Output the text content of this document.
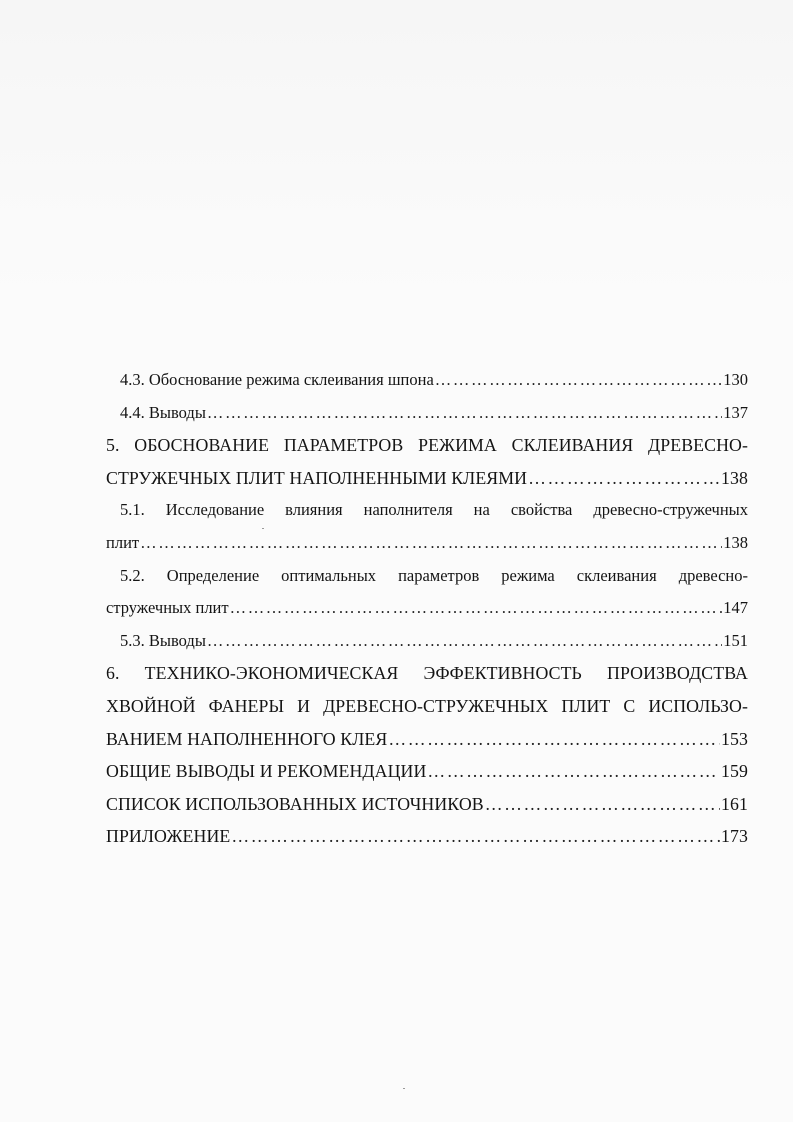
4.3. Обоснование режима склеивания шпона ………………………………………………………………………………………………………………………………………………………………	130
4.4. Выводы ………………………………………………………………………………………………………………………………………………………………	137
5. ОБОСНОВАНИЕ ПАРАМЕТРОВ РЕЖИМА СКЛЕИВАНИЯ ДРЕВЕСНО-
СТРУЖЕЧНЫХ ПЛИТ НАПОЛНЕННЫМИ КЛЕЯМИ ………………………………………………………………………………………………………………………………………………………………	138
5.1. Исследование влияния наполнителя на свойства древесно-стружечных
плит ………………………………………………………………………………………………………………………………………………………………	138
5.2. Определение оптимальных параметров режима склеивания древесно-
стружечных плит ………………………………………………………………………………………………………………………………………………………………	147
5.3. Выводы ………………………………………………………………………………………………………………………………………………………………	151
6. ТЕХНИКО-ЭКОНОМИЧЕСКАЯ ЭФФЕКТИВНОСТЬ ПРОИЗВОДСТВА
ХВОЙНОЙ ФАНЕРЫ И ДРЕВЕСНО-СТРУЖЕЧНЫХ ПЛИТ С ИСПОЛЬЗО-
ВАНИЕМ НАПОЛНЕННОГО КЛЕЯ ………………………………………………………………………………………………………………………………………………………………	153
ОБЩИЕ ВЫВОДЫ И РЕКОМЕНДАЦИИ ………………………………………………………………………………………………………………………………………………………………	159
СПИСОК ИСПОЛЬЗОВАННЫХ ИСТОЧНИКОВ ………………………………………………………………………………………………………………………………………………………………	161
ПРИЛОЖЕНИЕ ………………………………………………………………………………………………………………………………………………………………	173
